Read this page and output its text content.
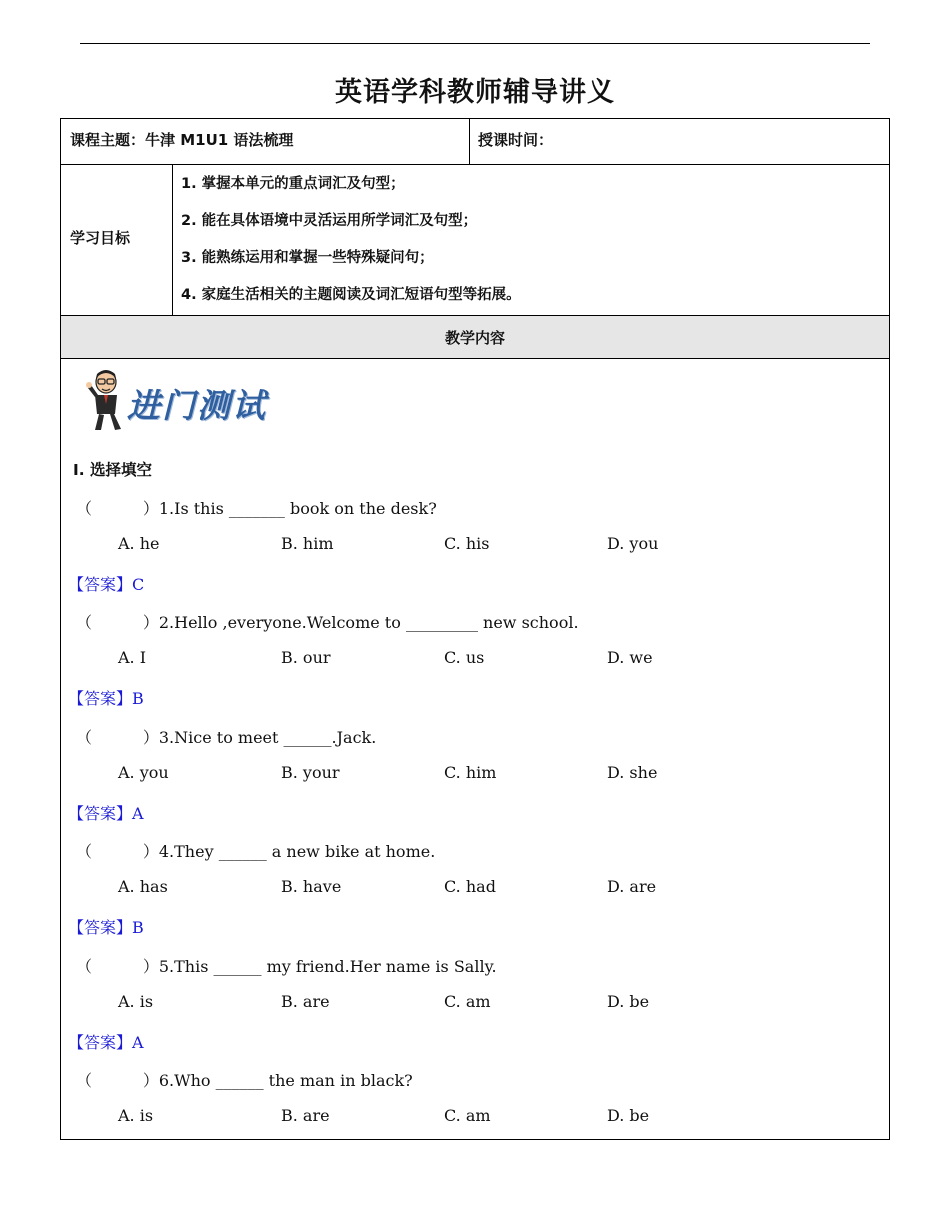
英语学科教师辅导讲义
课程主题：牛津 M1U1 语法梳理	授课时间：
学习目标
1. 掌握本单元的重点词汇及句型；
2. 能在具体语境中灵活运用所学词汇及句型；
3. 能熟练运用和掌握一些特殊疑问句；
4. 家庭生活相关的主题阅读及词汇短语句型等拓展。
教学内容
进门测试
Ⅰ. 选择填空
（          ）1.Is this _______ book on the desk?
A. he	B. him	C. his	D. you
【答案】C
（          ）2.Hello ,everyone.Welcome to _________ new school.
A. I	B. our	C. us	D. we
【答案】B
（          ）3.Nice to meet ______.Jack.
A. you	B. your	C. him	D. she
【答案】A
（          ）4.They ______ a new bike at home.
A. has	B. have	C. had	D. are
【答案】B
（          ）5.This ______ my friend.Her name is Sally.
A. is	B. are	C. am	D. be
【答案】A
（          ）6.Who ______ the man in black?
A. is	B. are	C. am	D. be
